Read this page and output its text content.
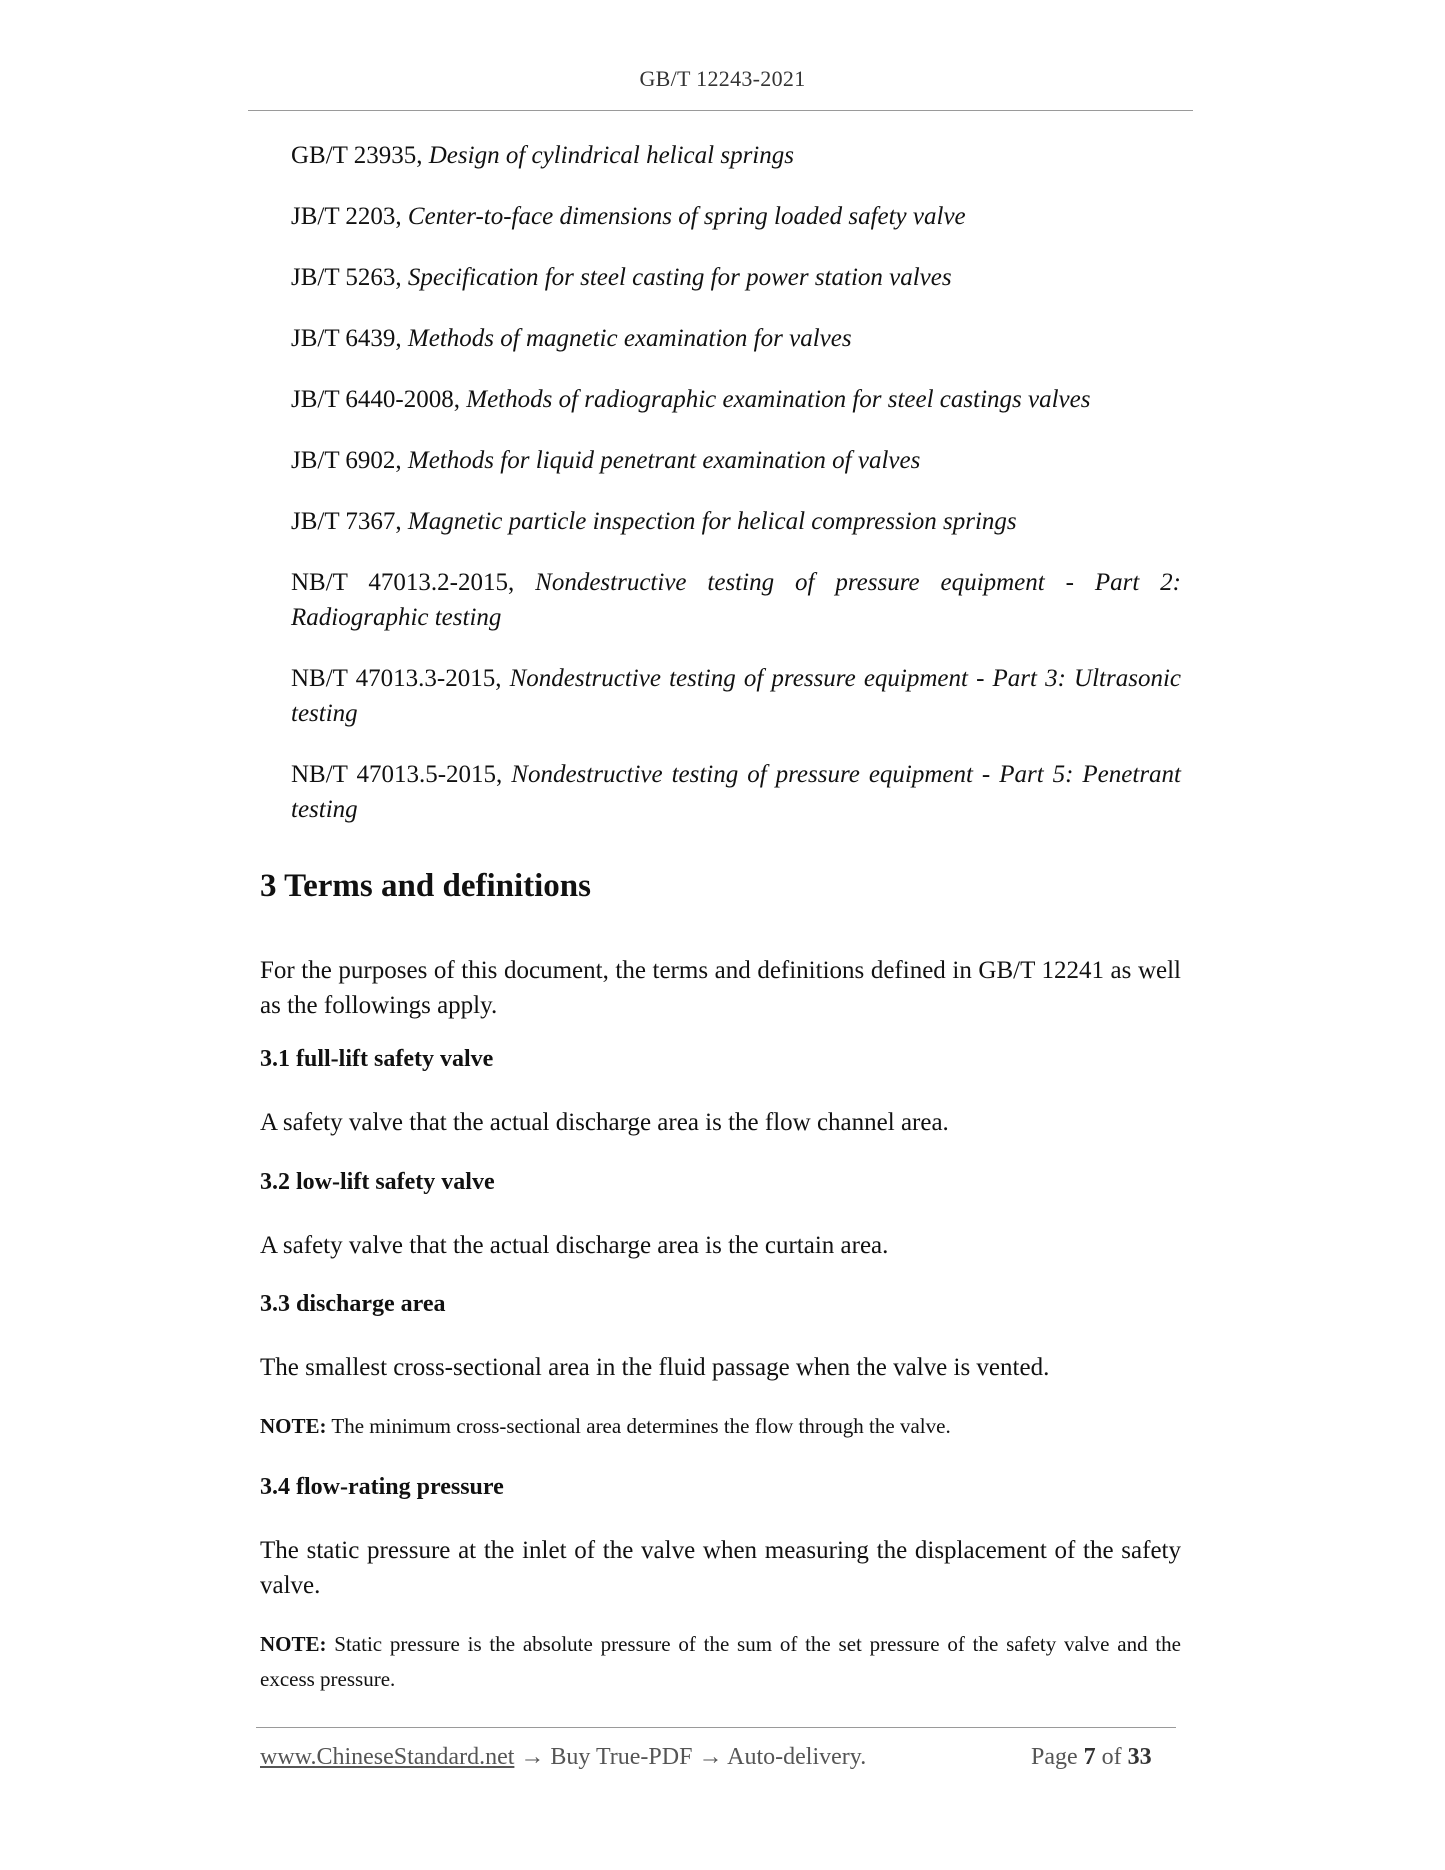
GB/T 12243-2021

GB/T 23935, Design of cylindrical helical springs

JB/T 2203, Center-to-face dimensions of spring loaded safety valve

JB/T 5263, Specification for steel casting for power station valves

JB/T 6439, Methods of magnetic examination for valves

JB/T 6440-2008, Methods of radiographic examination for steel castings valves

JB/T 6902, Methods for liquid penetrant examination of valves

JB/T 7367, Magnetic particle inspection for helical compression springs

NB/T 47013.2-2015, Nondestructive testing of pressure equipment - Part 2: Radiographic testing

NB/T 47013.3-2015, Nondestructive testing of pressure equipment - Part 3: Ultrasonic testing

NB/T 47013.5-2015, Nondestructive testing of pressure equipment - Part 5: Penetrant testing

3 Terms and definitions

For the purposes of this document, the terms and definitions defined in GB/T 12241 as well as the followings apply.

3.1 full-lift safety valve

A safety valve that the actual discharge area is the flow channel area.

3.2 low-lift safety valve

A safety valve that the actual discharge area is the curtain area.

3.3 discharge area

The smallest cross-sectional area in the fluid passage when the valve is vented.

NOTE: The minimum cross-sectional area determines the flow through the valve.

3.4 flow-rating pressure

The static pressure at the inlet of the valve when measuring the displacement of the safety valve.

NOTE: Static pressure is the absolute pressure of the sum of the set pressure of the safety valve and the excess pressure.

www.ChineseStandard.net → Buy True-PDF → Auto-delivery.	Page 7 of 33
